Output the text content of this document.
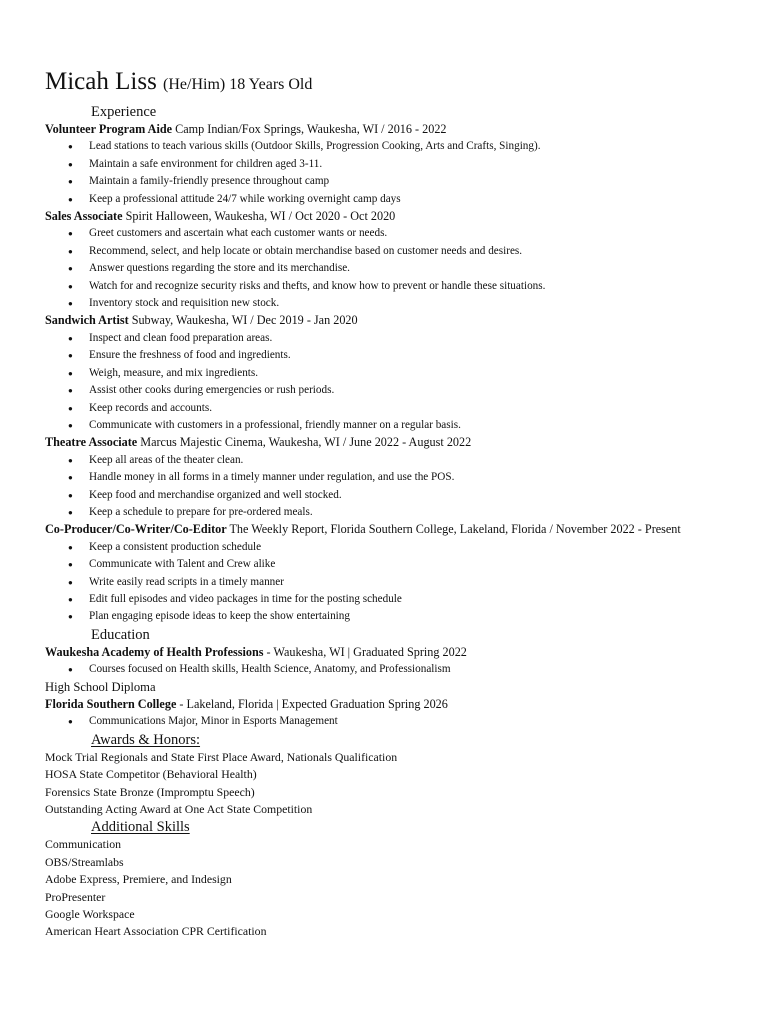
Micah Liss (He/Him) 18 Years Old
Experience
Volunteer Program Aide Camp Indian/Fox Springs, Waukesha, WI / 2016 - 2022
● Lead stations to teach various skills (Outdoor Skills, Progression Cooking, Arts and Crafts, Singing).
● Maintain a safe environment for children aged 3-11.
● Maintain a family-friendly presence throughout camp
● Keep a professional attitude 24/7 while working overnight camp days
Sales Associate Spirit Halloween, Waukesha, WI / Oct 2020 - Oct 2020
● Greet customers and ascertain what each customer wants or needs.
● Recommend, select, and help locate or obtain merchandise based on customer needs and desires.
● Answer questions regarding the store and its merchandise.
● Watch for and recognize security risks and thefts, and know how to prevent or handle these situations.
● Inventory stock and requisition new stock.
Sandwich Artist Subway, Waukesha, WI / Dec 2019 - Jan 2020
● Inspect and clean food preparation areas.
● Ensure the freshness of food and ingredients.
● Weigh, measure, and mix ingredients.
● Assist other cooks during emergencies or rush periods.
● Keep records and accounts.
● Communicate with customers in a professional, friendly manner on a regular basis.
Theatre Associate Marcus Majestic Cinema, Waukesha, WI / June 2022 - August 2022
● Keep all areas of the theater clean.
● Handle money in all forms in a timely manner under regulation, and use the POS.
● Keep food and merchandise organized and well stocked.
● Keep a schedule to prepare for pre-ordered meals.
Co-Producer/Co-Writer/Co-Editor The Weekly Report, Florida Southern College, Lakeland, Florida / November 2022 - Present
● Keep a consistent production schedule
● Communicate with Talent and Crew alike
● Write easily read scripts in a timely manner
● Edit full episodes and video packages in time for the posting schedule
● Plan engaging episode ideas to keep the show entertaining
Education
Waukesha Academy of Health Professions - Waukesha, WI | Graduated Spring 2022
● Courses focused on Health skills, Health Science, Anatomy, and Professionalism
High School Diploma
Florida Southern College - Lakeland, Florida | Expected Graduation Spring 2026
● Communications Major, Minor in Esports Management
Awards & Honors:
Mock Trial Regionals and State First Place Award, Nationals Qualification
HOSA State Competitor (Behavioral Health)
Forensics State Bronze (Impromptu Speech)
Outstanding Acting Award at One Act State Competition
Additional Skills
Communication
OBS/Streamlabs
Adobe Express, Premiere, and Indesign
ProPresenter
Google Workspace
American Heart Association CPR Certification
